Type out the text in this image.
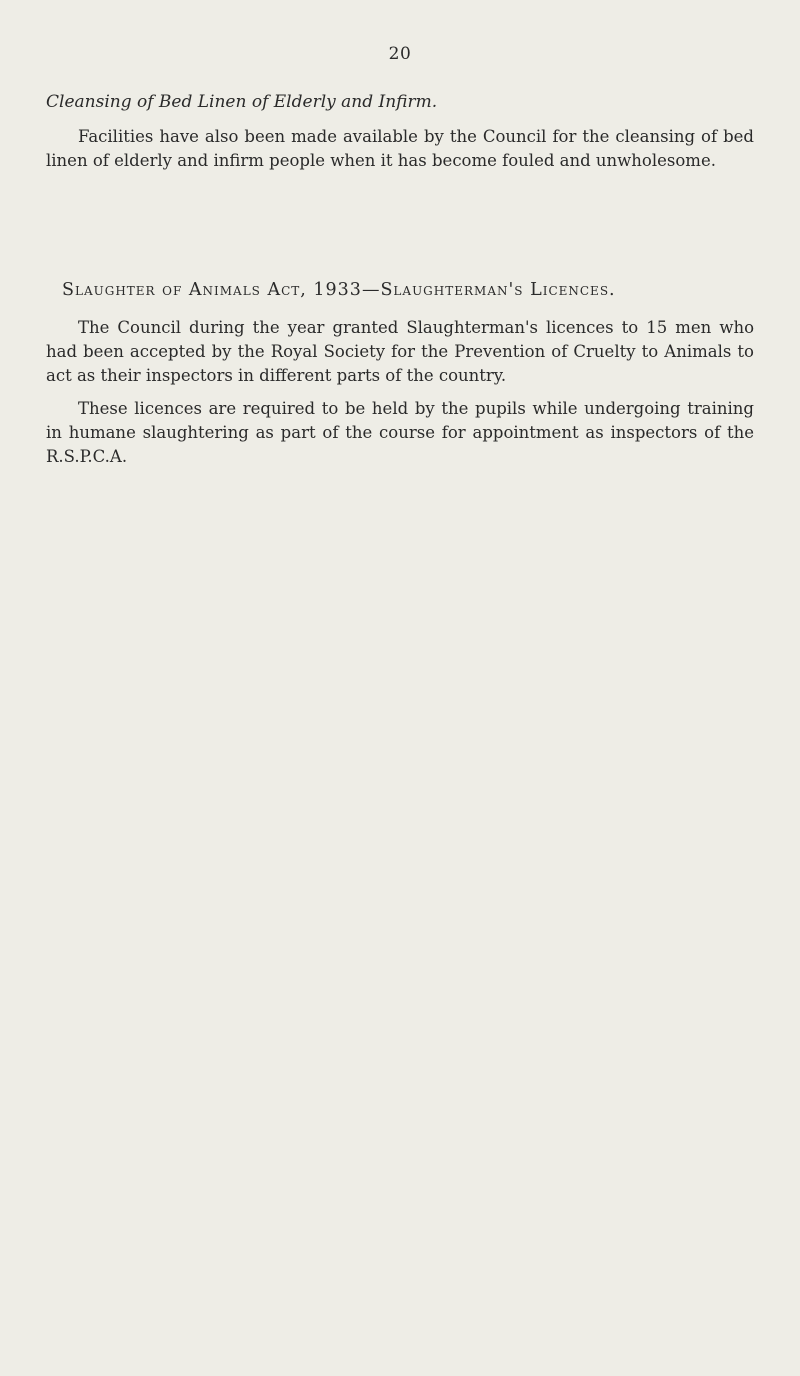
20
Cleansing of Bed Linen of Elderly and Infirm.

Facilities have also been made available by the Council for the cleansing of bed linen of elderly and infirm people when it has become fouled and unwholesome.

Slaughter of Animals Act, 1933—Slaughterman's Licences.

The Council during the year granted Slaughterman's licences to 15 men who had been accepted by the Royal Society for the Prevention of Cruelty to Animals to act as their inspectors in different parts of the country.

These licences are required to be held by the pupils while undergoing training in humane slaughtering as part of the course for appointment as inspectors of the R.S.P.C.A.
